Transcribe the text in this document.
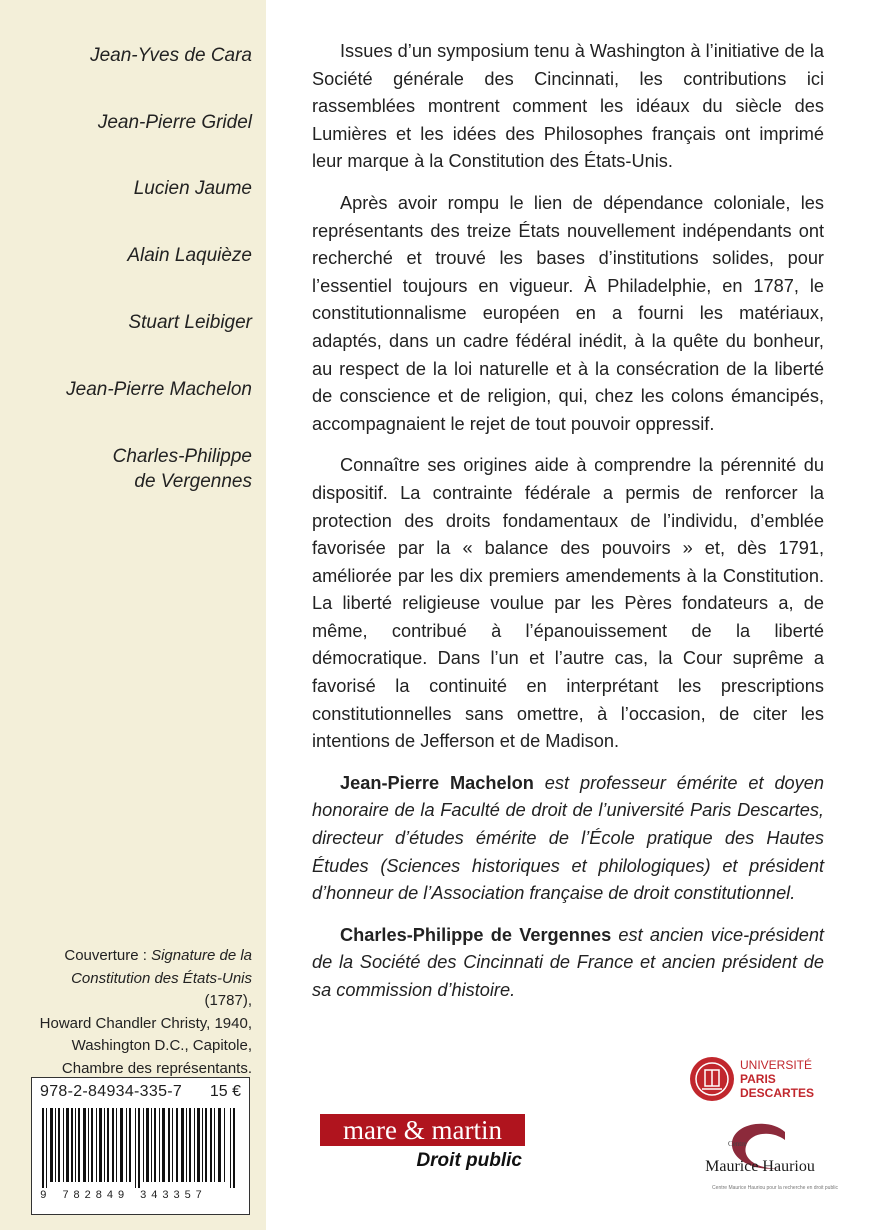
Jean-Yves de Cara
Jean-Pierre Gridel
Lucien Jaume
Alain Laquièze
Stuart Leibiger
Jean-Pierre Machelon
Charles-Philippe
de Vergennes
Couverture : Signature de la
Constitution des États-Unis (1787),
Howard Chandler Christy, 1940,
Washington D.C., Capitole,
Chambre des représentants.
978-2-84934-335-7 15 €
9 782849 343357

Issues d’un symposium tenu à Washington à l’initiative de la Société générale des Cincinnati, les contributions ici rassemblées montrent comment les idéaux du siècle des Lumières et les idées des Philosophes français ont imprimé leur marque à la Constitution des États-Unis.

Après avoir rompu le lien de dépendance coloniale, les représentants des treize États nouvellement indépendants ont recherché et trouvé les bases d’institutions solides, pour l’essentiel toujours en vigueur. À Philadelphie, en 1787, le constitutionnalisme européen en a fourni les matériaux, adaptés, dans un cadre fédéral inédit, à la quête du bonheur, au respect de la loi naturelle et à la consécration de la liberté de conscience et de religion, qui, chez les colons émancipés, accompagnaient le rejet de tout pouvoir oppressif.

Connaître ses origines aide à comprendre la pérennité du dispositif. La contrainte fédérale a permis de renforcer la protection des droits fondamentaux de l’individu, d’emblée favorisée par la « balance des pouvoirs » et, dès 1791, améliorée par les dix premiers amendements à la Constitution. La liberté religieuse voulue par les Pères fondateurs a, de même, contribué à l’épanouissement de la liberté démocratique. Dans l’un et l’autre cas, la Cour suprême a favorisé la continuité en interprétant les prescriptions constitutionnelles sans omettre, à l’occasion, de citer les intentions de Jefferson et de Madison.

Jean-Pierre Machelon est professeur émérite et doyen honoraire de la Faculté de droit de l’université Paris Descartes, directeur d’études émérite de l’École pratique des Hautes Études (Sciences historiques et philologiques) et président d’honneur de l’Association française de droit constitutionnel.

Charles-Philippe de Vergennes est ancien vice-président de la Société des Cincinnati de France et ancien président de sa commission d’histoire.

mare & martin
Droit public
UNIVERSITÉ
PARIS
DESCARTES
Centre
Maurice Hauriou
Centre Maurice Hauriou pour la recherche en droit public
